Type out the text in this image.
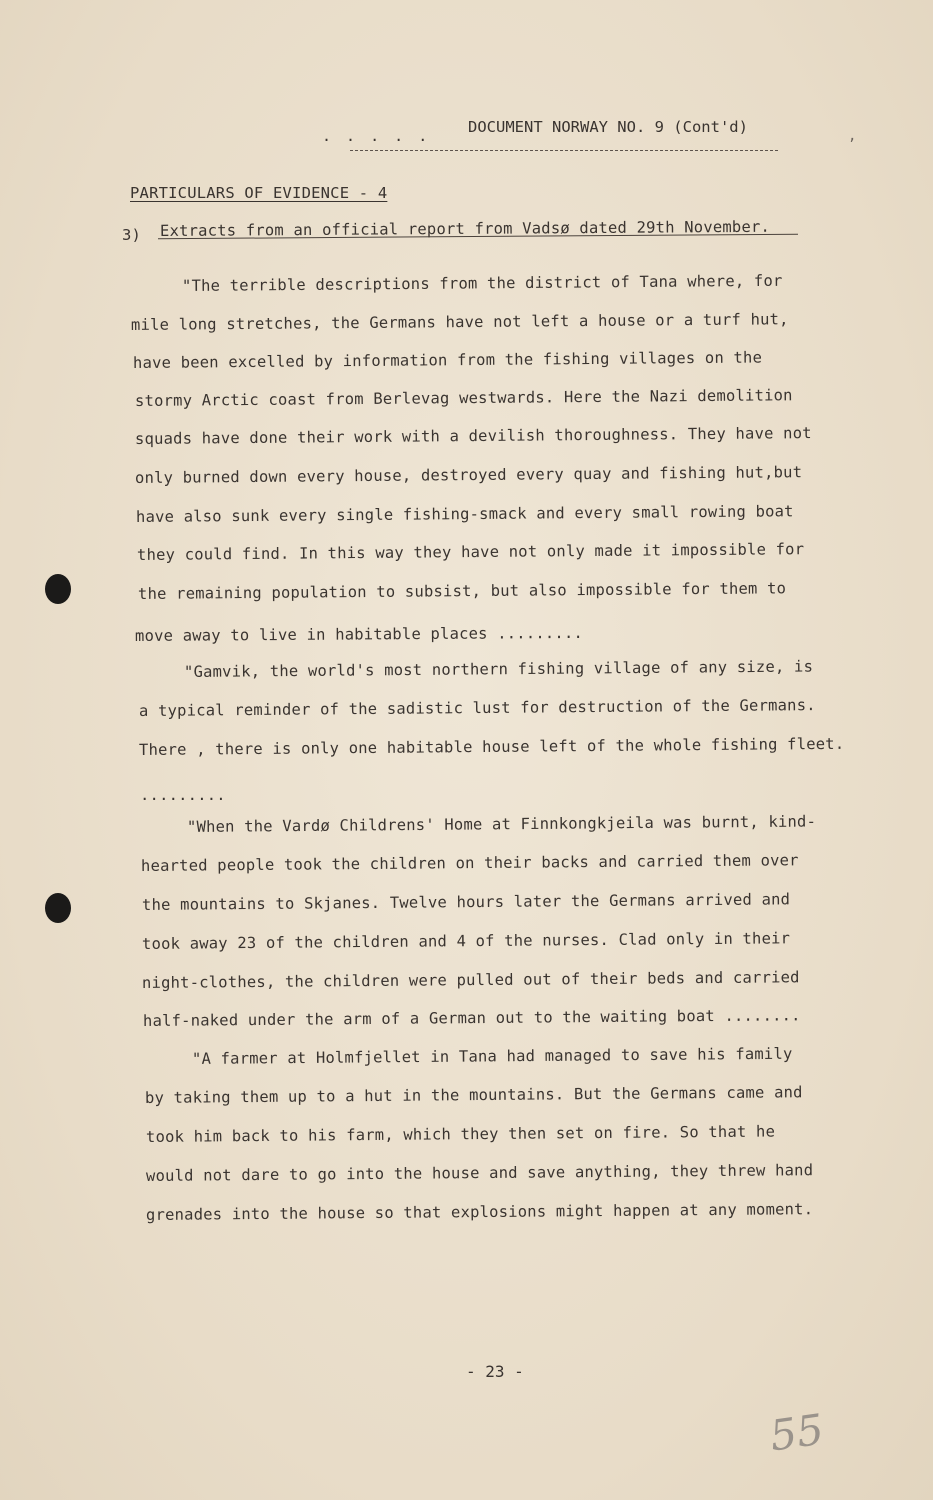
. . . . . DOCUMENT NORWAY NO. 9 (Cont'd)	,
PARTICULARS OF EVIDENCE - 4
3) Extracts from an official report from Vadsø dated 29th November.
"The terrible descriptions from the district of Tana where, for
mile long stretches, the Germans have not left a house or a turf hut,
have been excelled by information from the fishing villages on the
stormy Arctic coast from Berlevag westwards. Here the Nazi demolition
squads have done their work with a devilish thoroughness. They have not
only burned down every house, destroyed every quay and fishing hut,but
have also sunk every single fishing-smack and every small rowing boat
they could find. In this way they have not only made it impossible for
the remaining population to subsist, but also impossible for them to
move away to live in habitable places .........
"Gamvik, the world's most northern fishing village of any size, is
a typical reminder of the sadistic lust for destruction of the Germans.
There , there is only one habitable house left of the whole fishing fleet.
.........
"When the Vardø Childrens' Home at Finnkongkjeila was burnt, kind-
hearted people took the children on their backs and carried them over
the mountains to Skjanes. Twelve hours later the Germans arrived and
took away 23 of the children and 4 of the nurses. Clad only in their
night-clothes, the children were pulled out of their beds and carried
half-naked under the arm of a German out to the waiting boat ........
"A farmer at Holmfjellet in Tana had managed to save his family
by taking them up to a hut in the mountains. But the Germans came and
took him back to his farm, which they then set on fire. So that he
would not dare to go into the house and save anything, they threw hand
grenades into the house so that explosions might happen at any moment.
- 23 -
55
